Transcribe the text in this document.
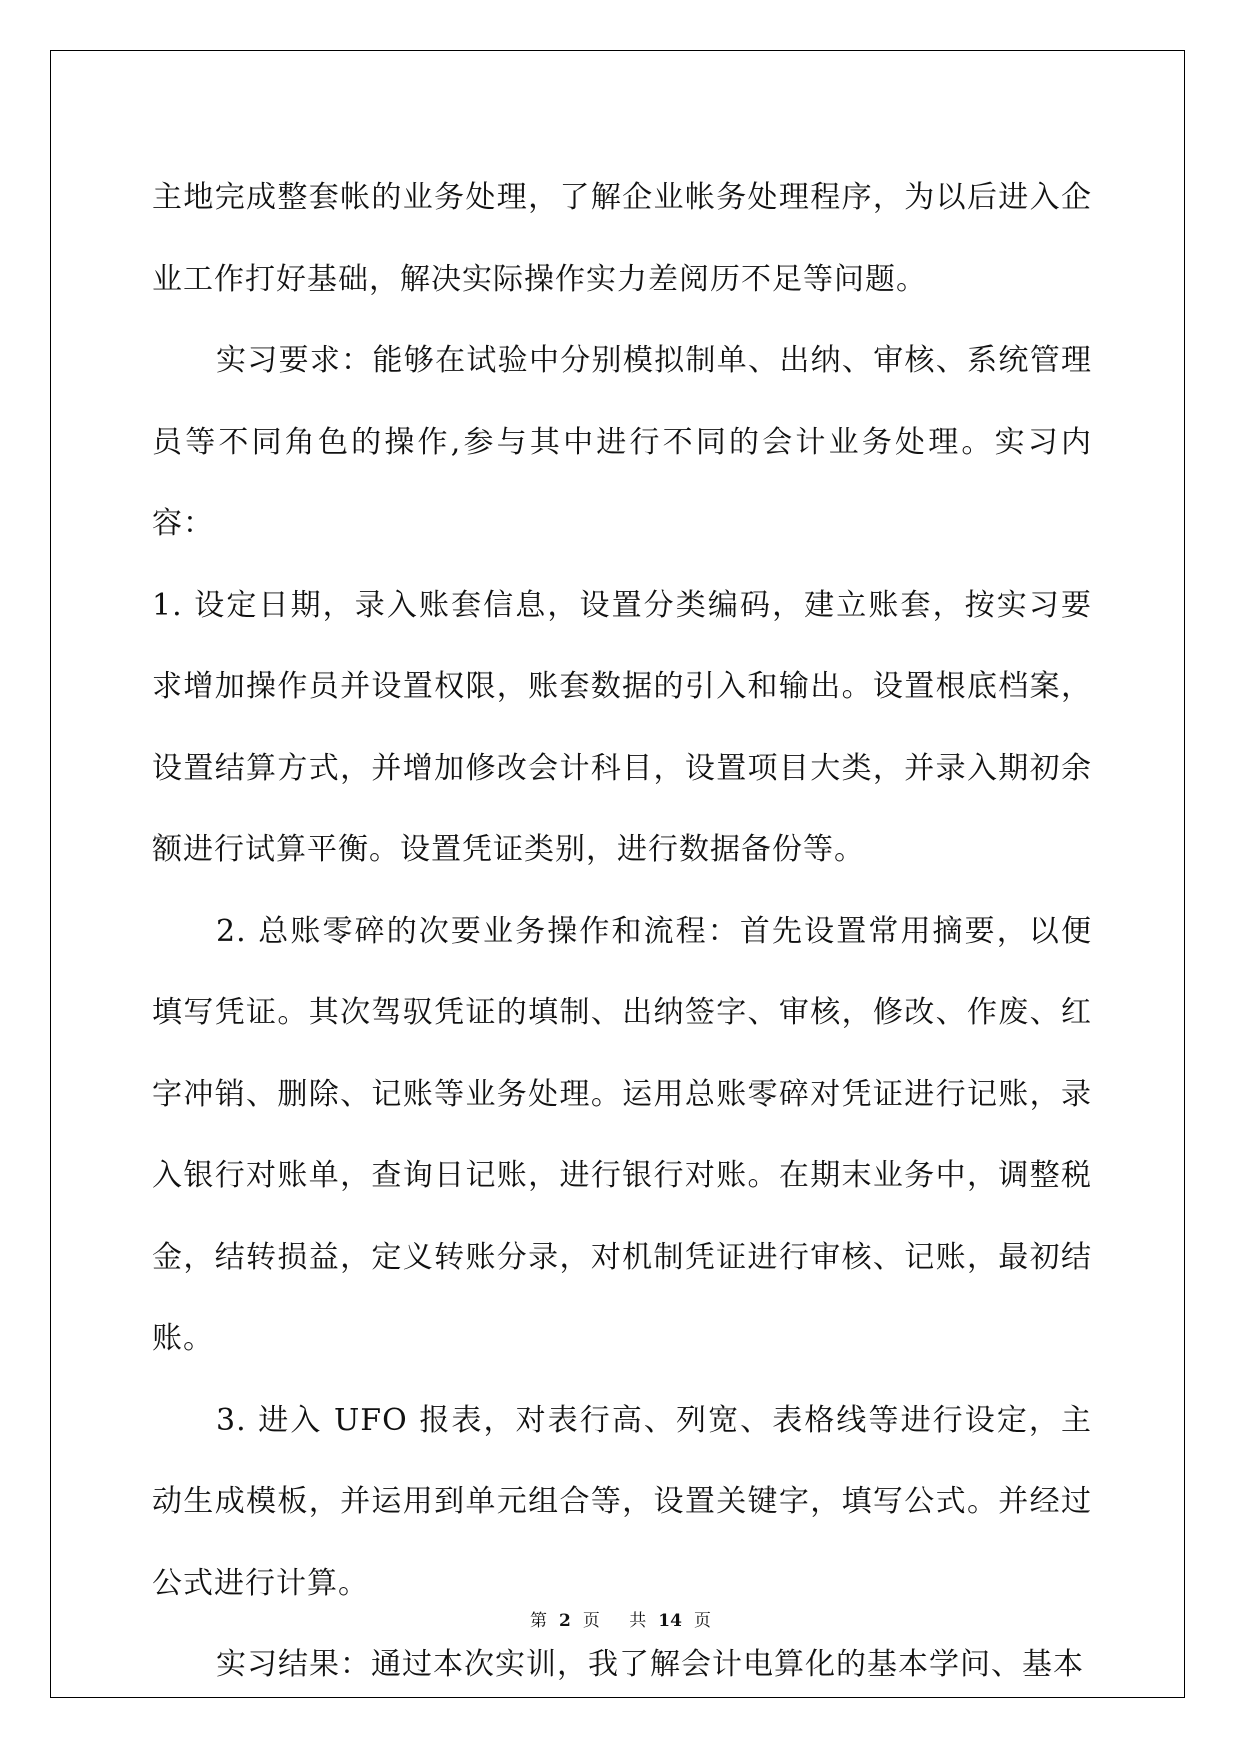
主地完成整套帐的业务处理，了解企业帐务处理程序，为以后进入企业工作打好基础，解决实际操作实力差阅历不足等问题。

实习要求：能够在试验中分别模拟制单、出纳、审核、系统管理员等不同角色的操作,参与其中进行不同的会计业务处理。实习内容：

1. 设定日期，录入账套信息，设置分类编码，建立账套，按实习要求增加操作员并设置权限，账套数据的引入和输出。设置根底档案，设置结算方式，并增加修改会计科目，设置项目大类，并录入期初余额进行试算平衡。设置凭证类别，进行数据备份等。

2. 总账零碎的次要业务操作和流程：首先设置常用摘要，以便填写凭证。其次驾驭凭证的填制、出纳签字、审核，修改、作废、红字冲销、删除、记账等业务处理。运用总账零碎对凭证进行记账，录入银行对账单，查询日记账，进行银行对账。在期末业务中，调整税金，结转损益，定义转账分录，对机制凭证进行审核、记账，最初结账。

3. 进入 UFO 报表，对表行高、列宽、表格线等进行设定，主动生成模板，并运用到单元组合等，设置关键字，填写公式。并经过公式进行计算。

实习结果：通过本次实训，我了解会计电算化的基本学问、基本

第 2 页 共 14 页
